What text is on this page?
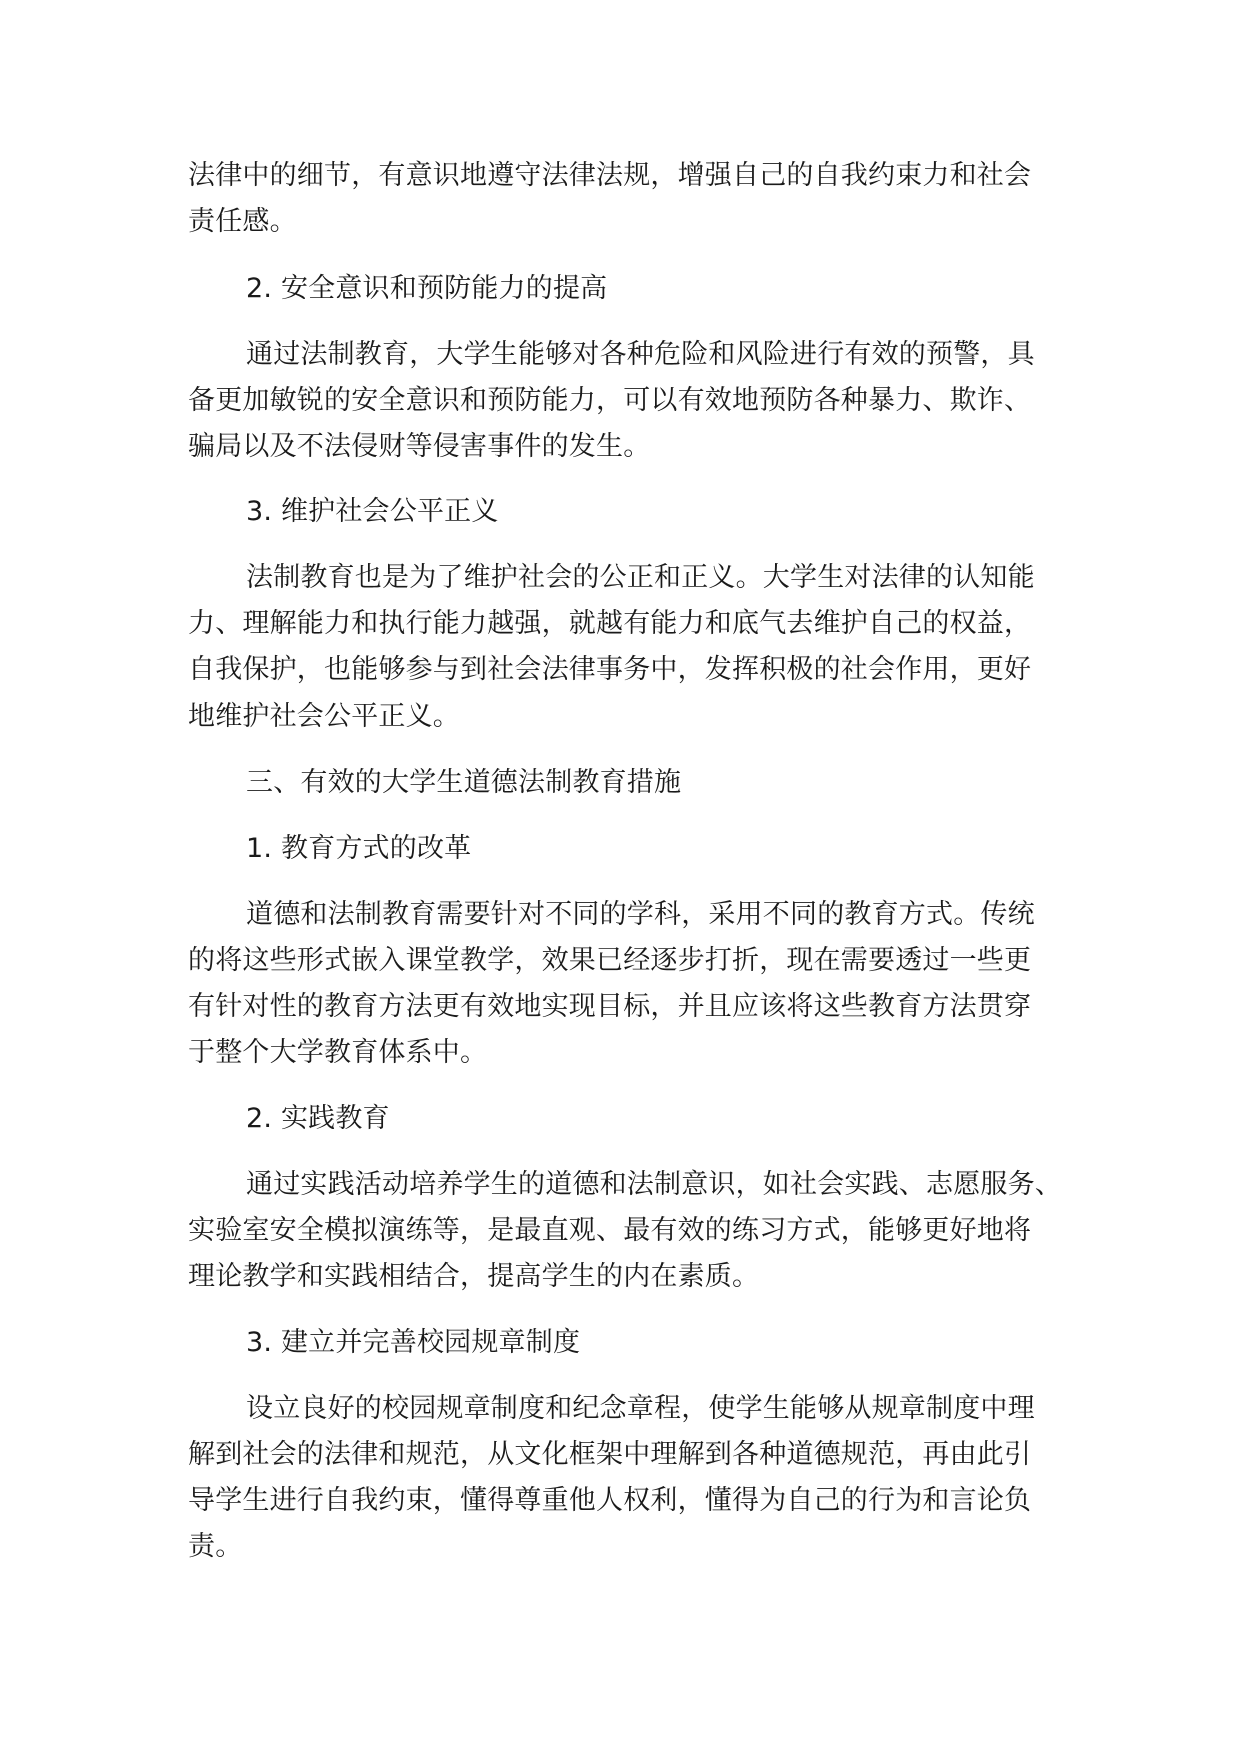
法律中的细节，有意识地遵守法律法规，增强自己的自我约束力和社会

责任感。

2. 安全意识和预防能力的提高

通过法制教育，大学生能够对各种危险和风险进行有效的预警，具

备更加敏锐的安全意识和预防能力，可以有效地预防各种暴力、欺诈、

骗局以及不法侵财等侵害事件的发生。

3. 维护社会公平正义

法制教育也是为了维护社会的公正和正义。大学生对法律的认知能

力、理解能力和执行能力越强，就越有能力和底气去维护自己的权益，

自我保护，也能够参与到社会法律事务中，发挥积极的社会作用，更好

地维护社会公平正义。

三、有效的大学生道德法制教育措施

1. 教育方式的改革

道德和法制教育需要针对不同的学科，采用不同的教育方式。传统

的将这些形式嵌入课堂教学，效果已经逐步打折，现在需要透过一些更

有针对性的教育方法更有效地实现目标，并且应该将这些教育方法贯穿

于整个大学教育体系中。

2. 实践教育

通过实践活动培养学生的道德和法制意识，如社会实践、志愿服务、

实验室安全模拟演练等，是最直观、最有效的练习方式，能够更好地将

理论教学和实践相结合，提高学生的内在素质。

3. 建立并完善校园规章制度

设立良好的校园规章制度和纪念章程，使学生能够从规章制度中理

解到社会的法律和规范，从文化框架中理解到各种道德规范，再由此引

导学生进行自我约束，懂得尊重他人权利，懂得为自己的行为和言论负

责。
